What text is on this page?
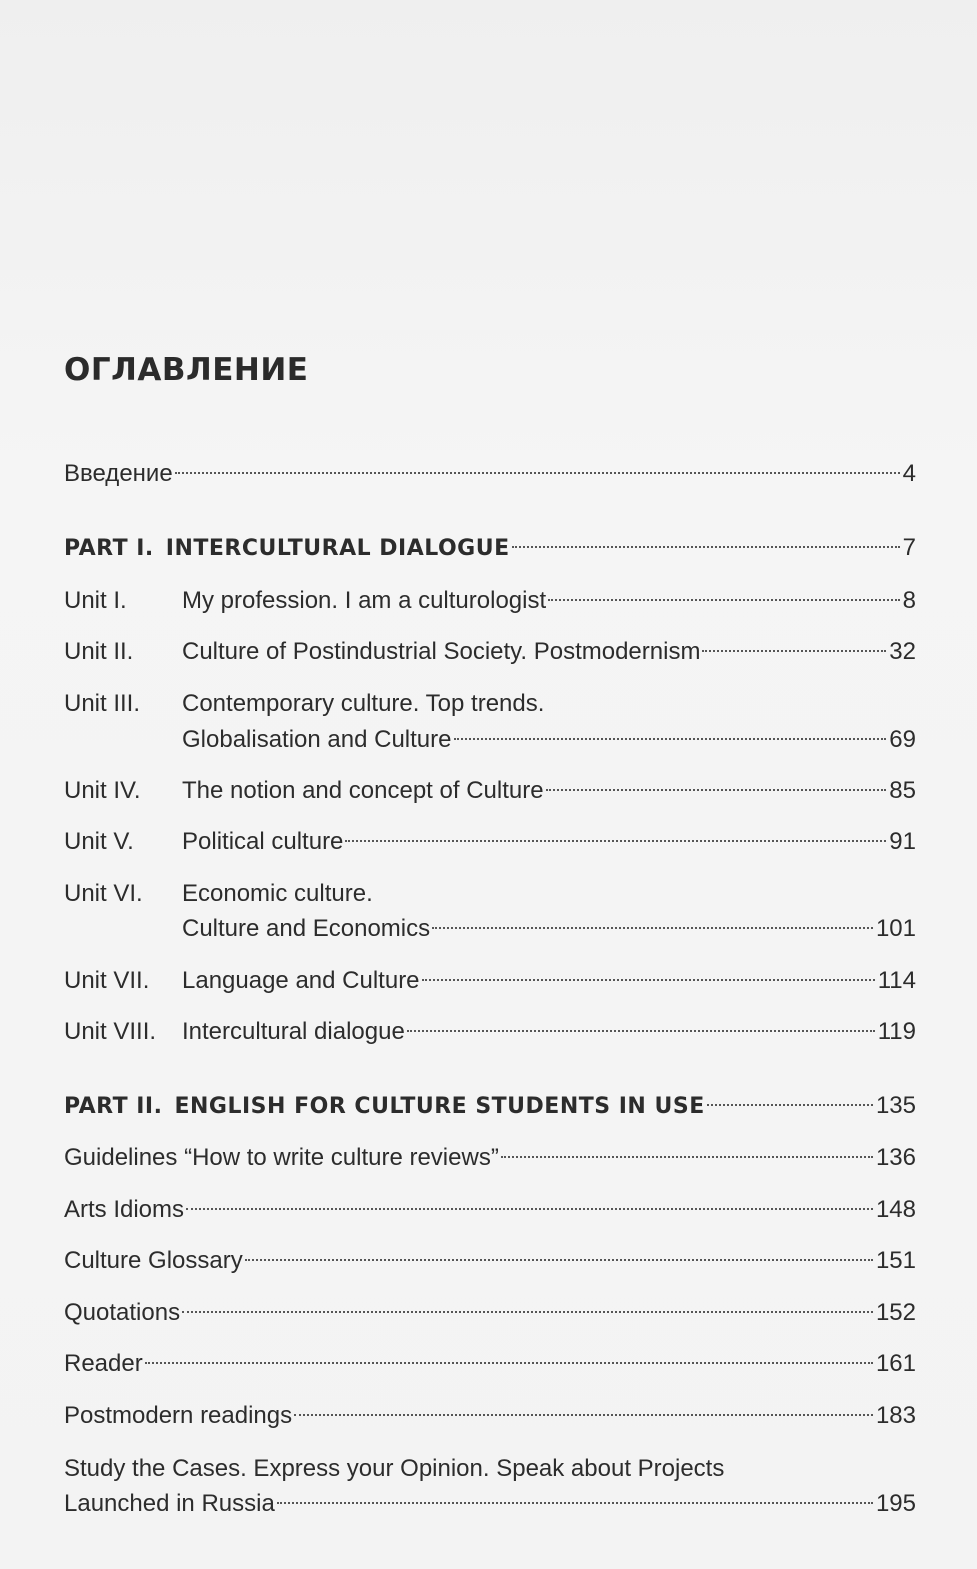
ОГЛАВЛЕНИЕ
Введение	4
PART I. INTERCULTURAL DIALOGUE	7
Unit I.	My profession. I am a culturologist	8
Unit II.	Culture of Postindustrial Society. Postmodernism	32
Unit III. Contemporary culture. Top trends.
Globalisation and Culture	69
Unit IV.	The notion and concept of Culture	85
Unit V.	Political culture	91
Unit VI. Economic culture.
Culture and Economics	101
Unit VII.	Language and Culture	114
Unit VIII.	Intercultural dialogue	119
PART II. ENGLISH FOR CULTURE STUDENTS IN USE	135
Guidelines “How to write culture reviews”	136
Arts Idioms	148
Culture Glossary	151
Quotations	152
Reader	161
Postmodern readings	183
Study the Cases. Express your Opinion. Speak about Projects
Launched in Russia	195
